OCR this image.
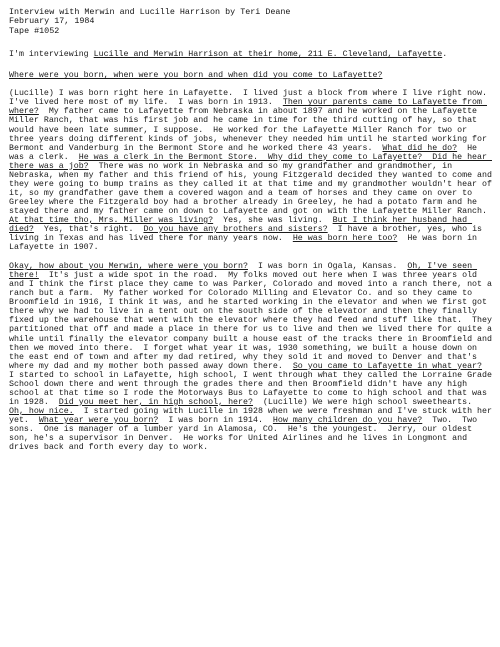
Interview with Merwin and Lucille Harrison by Teri Deane
February 17, 1984
Tape #1052

I'm interviewing Lucille and Merwin Harrison at their home, 211 E. Cleveland, Lafayette.

Where were you born, when were you born and when did you come to Lafayette?

(Lucille) I was born right here in Lafayette.  I lived just a block from where I live right now.  I've lived here most of my life.  I was born in 1913.  Then your parents came to Lafayette from where?  My father came to Lafayette from Nebraska in about 1897 and he worked on the Lafayette Miller Ranch, that was his first job and he came in time for the third cutting of hay, so that would have been late summer, I suppose.  He worked for the Lafayette Miller Ranch for two or three years doing different kinds of jobs, whenever they needed him until he started working for Bermont and Vanderburg in the Bermont Store and he worked there 43 years.  What did he do?  He was a clerk.  He was a clerk in the Bermont Store.  Why did they come to Lafayette?  Did he hear there was a job?  There was no work in Nebraska and so my grandfather and grandmother, in Nebraska, when my father and this friend of his, young Fitzgerald decided they wanted to come and they were going to bump trains as they called it at that time and my grandmother wouldn't hear of it, so my grandfather gave them a covered wagon and a team of horses and they came on over to Greeley where the Fitzgerald boy had a brother already in Greeley, he had a potato farm and he stayed there and my father came on down to Lafayette and got on with the Lafayette Miller Ranch.  At that time tho, Mrs. Miller was living?  Yes, she was living.  But I think her husband had died?  Yes, that's right.  Do you have any brothers and sisters?  I have a brother, yes, who is living in Texas and has lived there for many years now.  He was born here too?  He was born in Lafayette in 1907.

Okay, how about you Merwin, where were you born?  I was born in Ogala, Kansas.  Oh, I've seen there!  It's just a wide spot in the road.  My folks moved out here when I was three years old and I think the first place they came to was Parker, Colorado and moved into a ranch there, not a ranch but a farm.  My father worked for Colorado Milling and Elevator Co. and so they came to Broomfield in 1916, I think it was, and he started working in the elevator and when we first got there why we had to live in a tent out on the south side of the elevator and then they finally fixed up the warehouse that went with the elevator where they had feed and stuff like that.  They partitioned that off and made a place in there for us to live and then we lived there for quite a while until finally the elevator company built a house east of the tracks there in Broomfield and then we moved into there.  I forget what year it was, 1930 something, we built a house down on the east end of town and after my dad retired, why they sold it and moved to Denver and that's where my dad and my mother both passed away down there.  So you came to Lafayette in what year?  I started to school in Lafayette, high school, I went through what they called the Lorraine Grade School down there and went through the grades there and then Broomfield didn't have any high school at that time so I rode the Motorways Bus to Lafayette to come to high school and that was in 1928.  Did you meet her, in high school, here?  (Lucille) We were high school sweethearts.  Oh, how nice.  I started going with Lucille in 1928 when we were freshman and I've stuck with her yet.  What year were you born?  I was born in 1914.  How many children do you have?  Two.  Two sons.  One is manager of a lumber yard in Alamosa, CO.  He's the youngest.  Jerry, our oldest son, he's a supervisor in Denver.  He works for United Airlines and he lives in Longmont and drives back and forth every day to work.
